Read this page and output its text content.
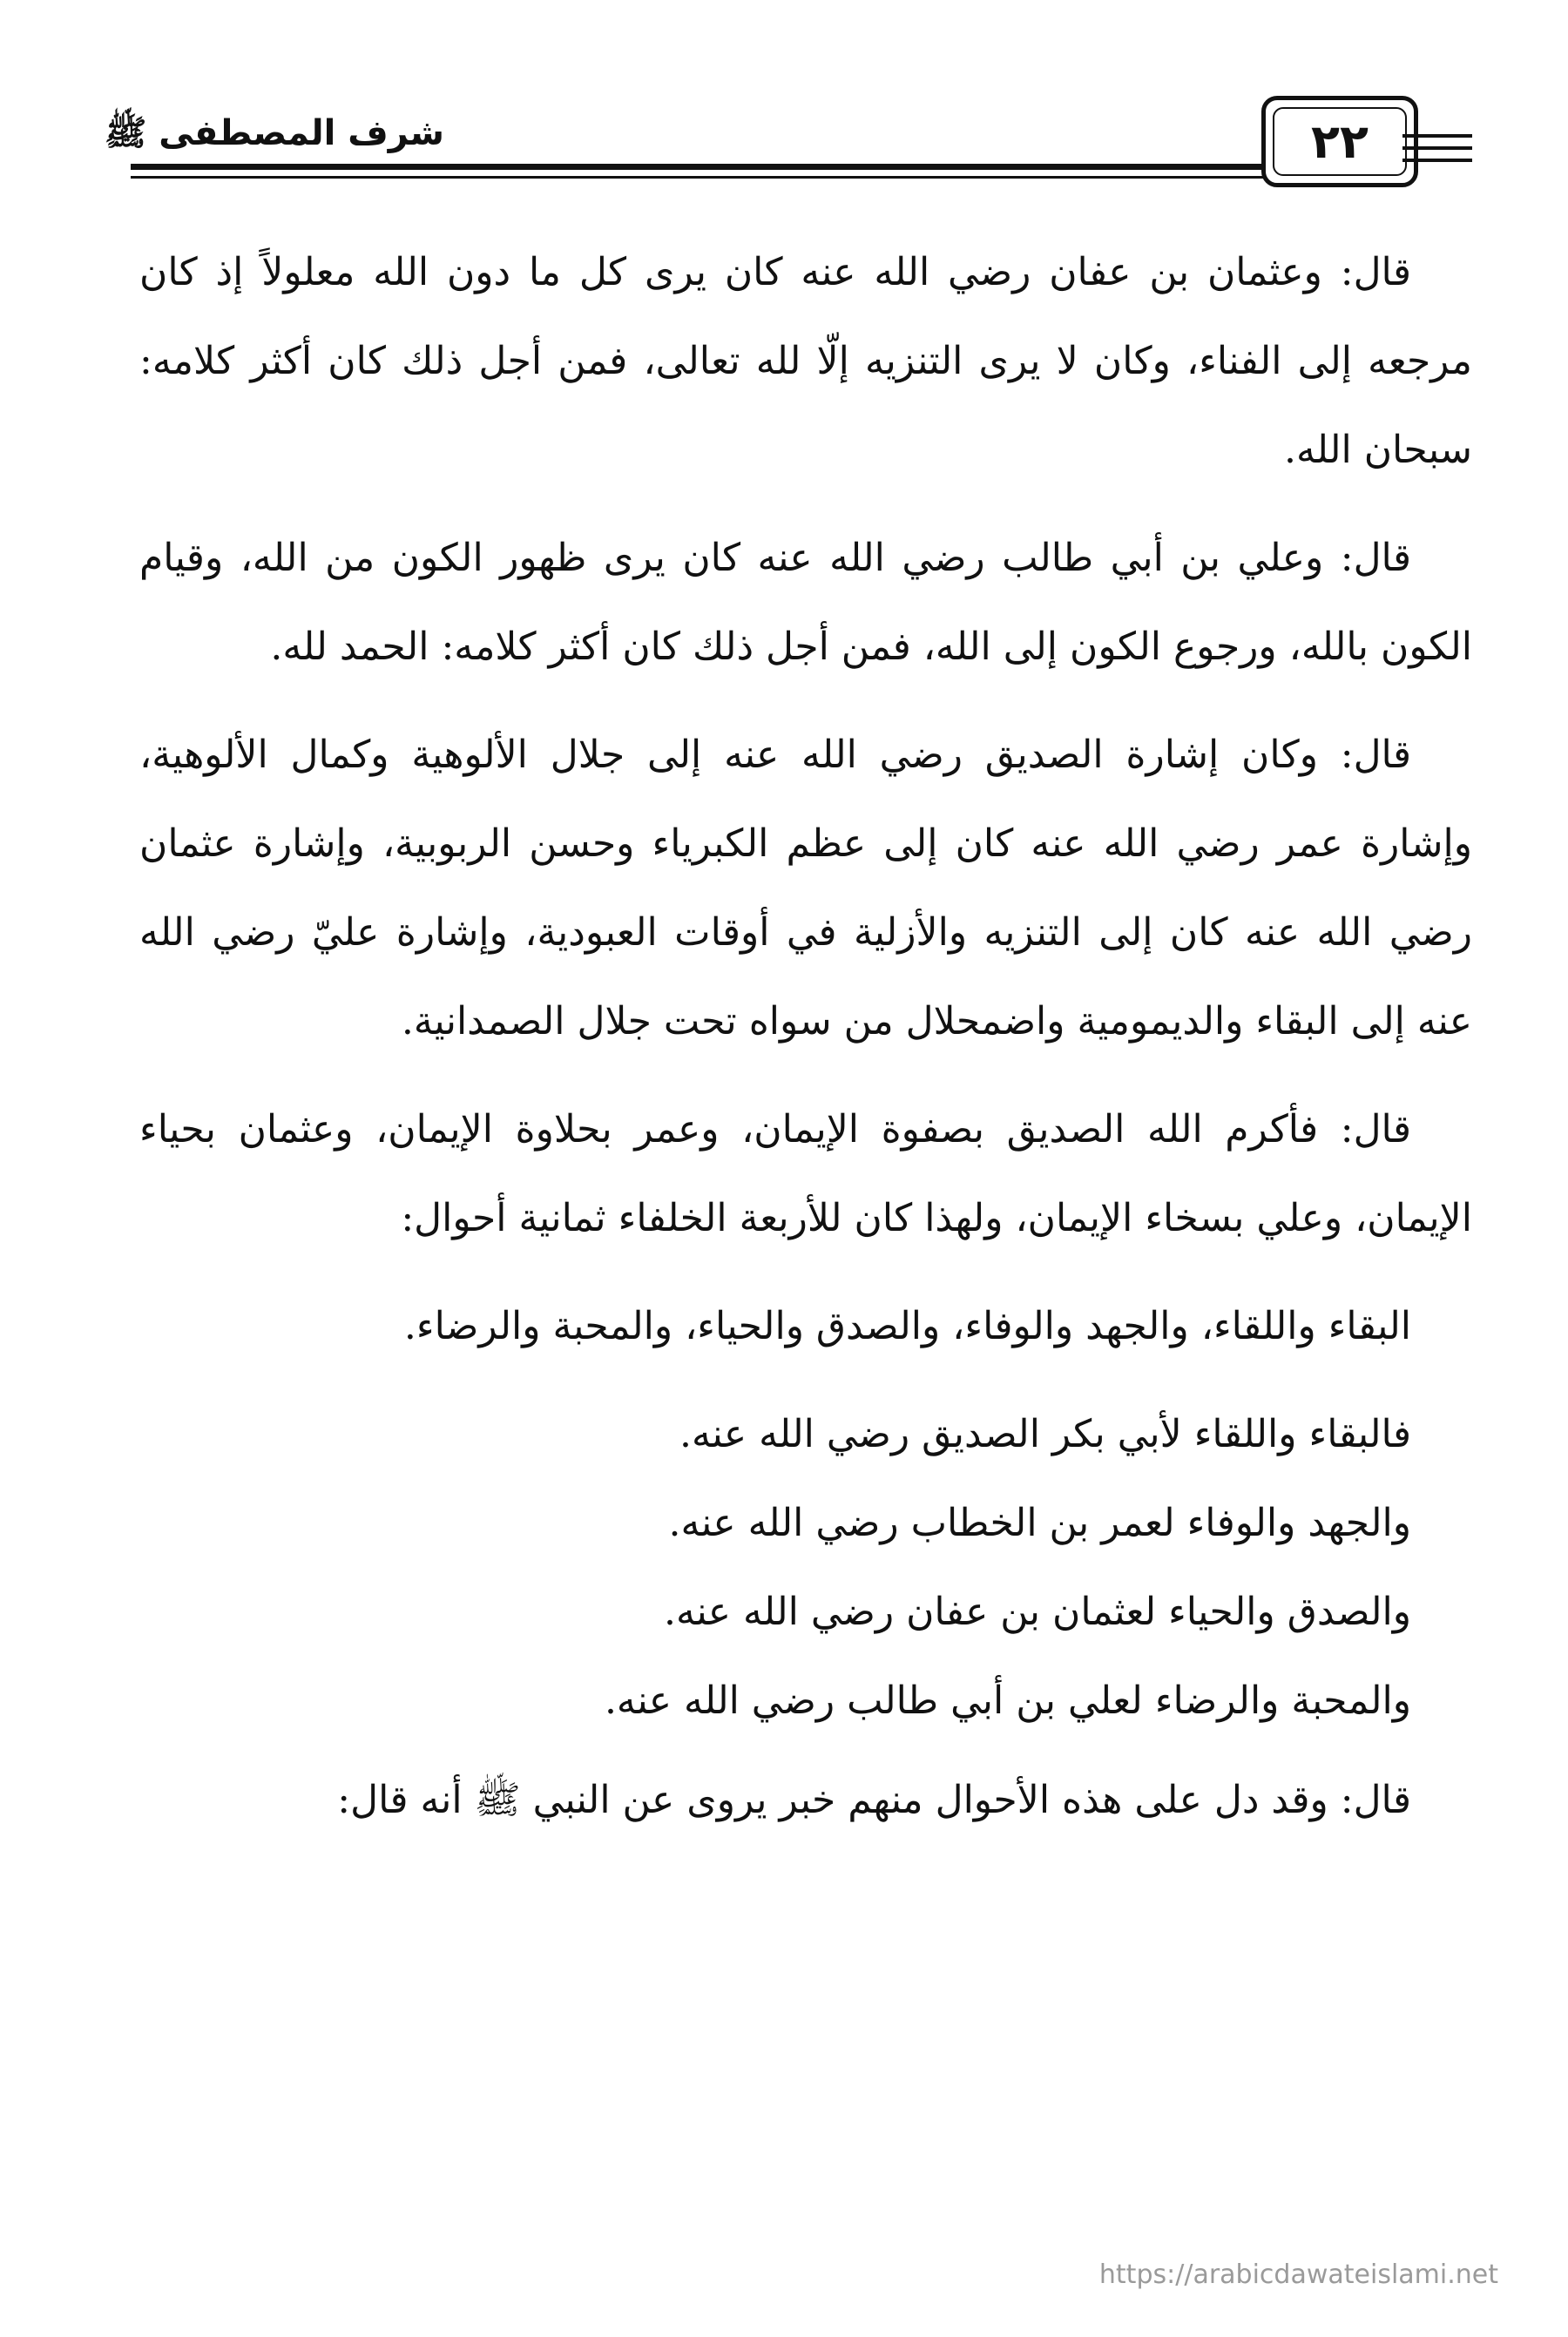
شرف المصطفى ﷺ	٢٢

قال: وعثمان بن عفان رضي الله عنه كان يرى كل ما دون الله معلولاً إذ كان مرجعه إلى الفناء، وكان لا يرى التنزيه إلّا لله تعالى، فمن أجل ذلك كان أكثر كلامه: سبحان الله.

قال: وعلي بن أبي طالب رضي الله عنه كان يرى ظهور الكون من الله، وقيام الكون بالله، ورجوع الكون إلى الله، فمن أجل ذلك كان أكثر كلامه: الحمد لله.

قال: وكان إشارة الصديق رضي الله عنه إلى جلال الألوهية وكمال الألوهية، وإشارة عمر رضي الله عنه كان إلى عظم الكبرياء وحسن الربوبية، وإشارة عثمان رضي الله عنه كان إلى التنزيه والأزلية في أوقات العبودية، وإشارة عليّ رضي الله عنه إلى البقاء والديمومية واضمحلال من سواه تحت جلال الصمدانية.

قال: فأكرم الله الصديق بصفوة الإيمان، وعمر بحلاوة الإيمان، وعثمان بحياء الإيمان، وعلي بسخاء الإيمان، ولهذا كان للأربعة الخلفاء ثمانية أحوال:

البقاء واللقاء، والجهد والوفاء، والصدق والحياء، والمحبة والرضاء.

فالبقاء واللقاء لأبي بكر الصديق رضي الله عنه.

والجهد والوفاء لعمر بن الخطاب رضي الله عنه.

والصدق والحياء لعثمان بن عفان رضي الله عنه.

والمحبة والرضاء لعلي بن أبي طالب رضي الله عنه.

قال: وقد دل على هذه الأحوال منهم خبر يروى عن النبي ﷺ أنه قال:

https://arabicdawateislami.net
